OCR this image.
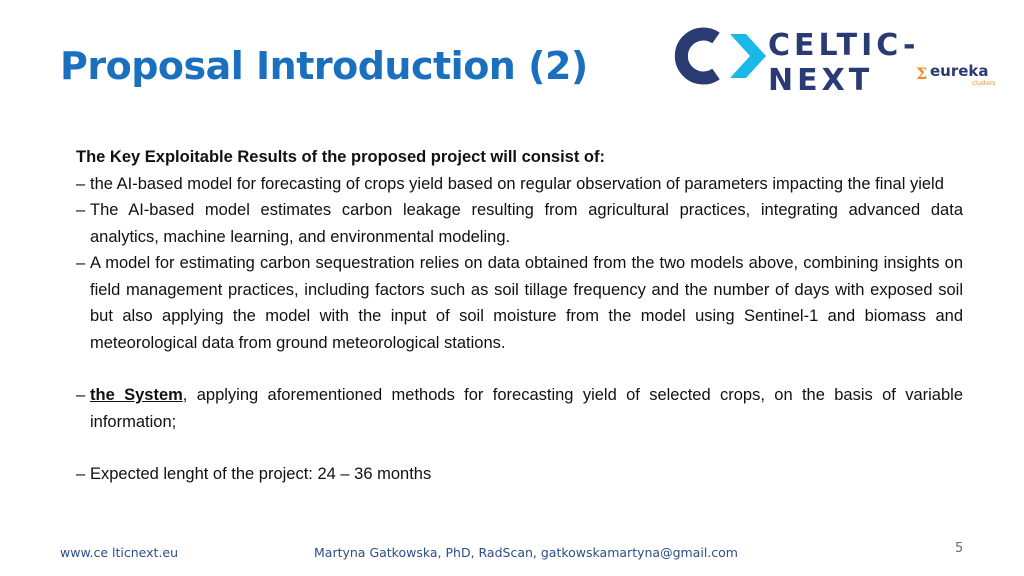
Proposal Introduction (2)	CELTIC-NEXT	Σ eureka
clusters
The Key Exploitable Results of the proposed project will consist of:
– the AI-based model for forecasting of crops yield based on regular observation of parameters impacting the final yield
– The AI-based model estimates carbon leakage resulting from agricultural practices, integrating advanced data analytics, machine learning, and environmental modeling.
– A model for estimating carbon sequestration relies on data obtained from the two models above, combining insights on field management practices, including factors such as soil tillage frequency and the number of days with exposed soil but also applying the model with the input of soil moisture from the model using Sentinel-1 and biomass and meteorological data from ground meteorological stations.
– the System, applying aforementioned methods for forecasting yield of selected crops, on the basis of variable information;
– Expected lenght of the project: 24 – 36 months
www.ce lticnext.eu	Martyna Gatkowska, PhD, RadScan, gatkowskamartyna@gmail.com	5
